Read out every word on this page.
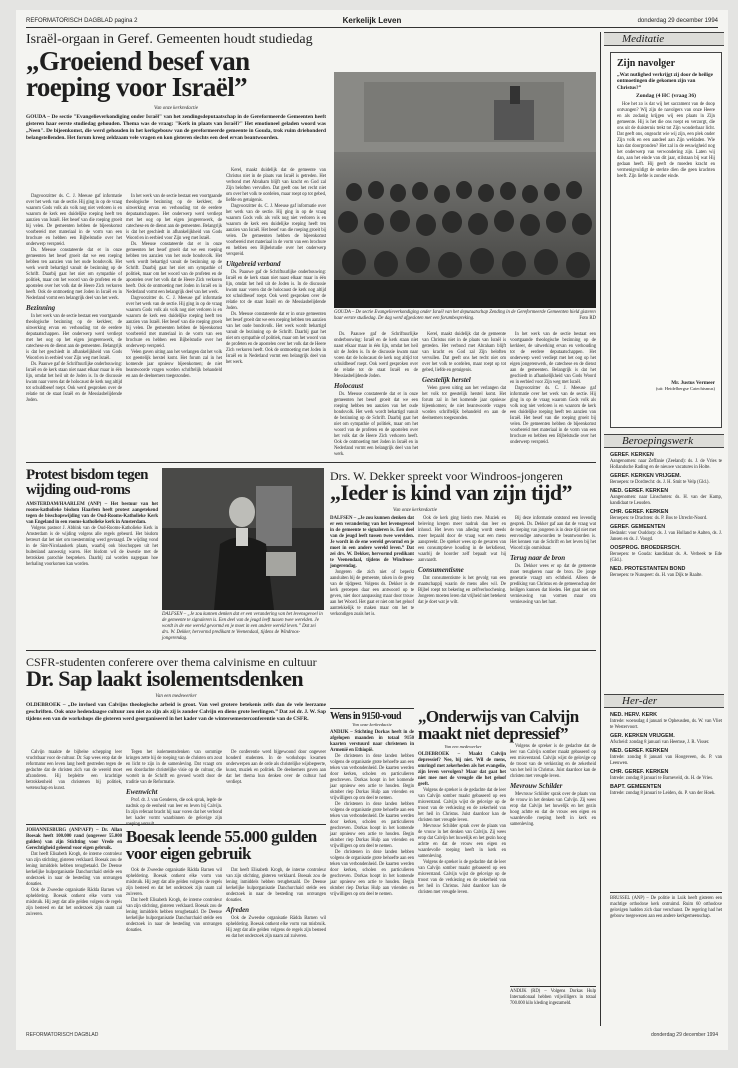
REFORMATORISCH DAGBLAD pagina 2	Kerkelijk Leven	donderdag 29 december 1994
Israël-orgaan in Geref. Gemeenten houdt studiedag
„Groeiend besef van roeping voor Israël”
Van onze kerkredactie
GOUDA – De sectie "Evangelieverkondiging onder Israël" van het zendingsdeputaatschap in de Gereformeerde Gemeenten heeft gisteren haar eerste studiedag gehouden. Thema was de vraag: "Kerk in plaats van Israël?" Het emotioneel geladen woord was „Neen". De bijeenkomst, die werd gehouden in het kerkgebouw van de gereformeerde gemeente in Gouda, trok ruim driehonderd belangstellenden. Het forum kreeg zeldzaam vele vragen en kon gisteren slechts een deel ervan beantwoorden.

Dagvoorzitter ds. C. J. Meeuse gaf informatie over het werk van de sectie. Hij ging in op de vraag waarom Gods volk als volk nog niet verloren is en waarom de kerk een duidelijke roeping heeft ten aanzien van Israël. Het besef van die roeping groeit bij velen. De gemeenten hebben de bijeenkomst voorbereid met materiaal in de vorm van een brochure en hebben een Bijbelstudie over het onderwerp verspreid.

Ds. Meeuse constateerde dat er in onze gemeenten het besef groeit dat we een roeping hebben ten aanzien van het oude bondsvolk. Het werk wordt behartigd vanuit de bezinning op de Schrift. Daarbij gaat het niet om sympathie of politiek, maar om het woord van de profeten en de apostelen over het volk dat de Heere Zich verkoren heeft. Ook de ontmoeting met Joden in Israël en in Nederland vormt een belangrijk deel van het werk.

Bezinning

In het werk van de sectie bestaat een voortgaande theologische bezinning op de kerkleer, de uitwerking ervan en verhouding tot de eerdere deputaatschappen. Het onderwerp werd verdiept met het oog op het eigen jongerenwerk, de catechese en de dienst aan de gemeenten. Belangrijk is dat het geschiedt in afhankelijkheid van Gods Woord en in eerbied voor Zijn weg met Israël.

Ds. Paauwe gaf de Schriftuurlijke onderbouwing: Israël en de kerk staan niet naast elkaar maar in één lijn, omdat het heil uit de Joden is. In de discussie kwam naar voren dat de holocaust de kerk nog altijd tot schuldbesef roept. Ook werd gesproken over de relatie tot de staat Israël en de Messiasbelijdende Joden.

In het werk van de sectie bestaat een voortgaande theologische bezinning op de kerkleer, de uitwerking ervan en verhouding tot de eerdere deputaatschappen. Het onderwerp werd verdiept met het oog op het eigen jongerenwerk, de catechese en de dienst aan de gemeenten. Belangrijk is dat het geschiedt in afhankelijkheid van Gods Woord en in eerbied voor Zijn weg met Israël.

Ds. Meeuse constateerde dat er in onze gemeenten het besef groeit dat we een roeping hebben ten aanzien van het oude bondsvolk. Het werk wordt behartigd vanuit de bezinning op de Schrift. Daarbij gaat het niet om sympathie of politiek, maar om het woord van de profeten en de apostelen over het volk dat de Heere Zich verkoren heeft. Ook de ontmoeting met Joden in Israël en in Nederland vormt een belangrijk deel van het werk.

Dagvoorzitter ds. C. J. Meeuse gaf informatie over het werk van de sectie. Hij ging in op de vraag waarom Gods volk als volk nog niet verloren is en waarom de kerk een duidelijke roeping heeft ten aanzien van Israël. Het besef van die roeping groeit bij velen. De gemeenten hebben de bijeenkomst voorbereid met materiaal in de vorm van een brochure en hebben een Bijbelstudie over het onderwerp verspreid.

Velen gaven uiting aan het verlangen dat het volk tot geestelijk herstel komt. Het forum zal in het komende jaar opnieuw bijeenkomen; de niet beantwoorde vragen worden schriftelijk behandeld en aan de deelnemers toegezonden.

Kerel, maakt duidelijk dat de gemeente van Christus niet in de plaats van Israël is getreden. Het verbond met Abraham blijft van kracht en God zal Zijn beloften vervullen. Dat geeft ons het recht niet om over het volk te oordelen, maar roept op tot gebed, liefde en getuigenis.

Dagvoorzitter ds. C. J. Meeuse gaf informatie over het werk van de sectie. Hij ging in op de vraag waarom Gods volk als volk nog niet verloren is en waarom de kerk een duidelijke roeping heeft ten aanzien van Israël. Het besef van die roeping groeit bij velen. De gemeenten hebben de bijeenkomst voorbereid met materiaal in de vorm van een brochure en hebben een Bijbelstudie over het onderwerp verspreid.

Uitgebreid verband

Ds. Paauwe gaf de Schriftuurlijke onderbouwing: Israël en de kerk staan niet naast elkaar maar in één lijn, omdat het heil uit de Joden is. In de discussie kwam naar voren dat de holocaust de kerk nog altijd tot schuldbesef roept. Ook werd gesproken over de relatie tot de staat Israël en de Messiasbelijdende Joden.

Ds. Meeuse constateerde dat er in onze gemeenten het besef groeit dat we een roeping hebben ten aanzien van het oude bondsvolk. Het werk wordt behartigd vanuit de bezinning op de Schrift. Daarbij gaat het niet om sympathie of politiek, maar om het woord van de profeten en de apostelen over het volk dat de Heere Zich verkoren heeft. Ook de ontmoeting met Joden in Israël en in Nederland vormt een belangrijk deel van het werk.

GOUDA – De sectie Evangelieverkondiging onder Israël van het deputaatschap Zending in de Gereformeerde Gemeenten hield gisteren haar eerste studiedag. De dag werd afgesloten met een forumbespreking.	Foto RD

Ds. Paauwe gaf de Schriftuurlijke onderbouwing: Israël en de kerk staan niet naast elkaar maar in één lijn, omdat het heil uit de Joden is. In de discussie kwam naar voren dat de holocaust de kerk nog altijd tot schuldbesef roept. Ook werd gesproken over de relatie tot de staat Israël en de Messiasbelijdende Joden.

Holocaust

Ds. Meeuse constateerde dat er in onze gemeenten het besef groeit dat we een roeping hebben ten aanzien van het oude bondsvolk. Het werk wordt behartigd vanuit de bezinning op de Schrift. Daarbij gaat het niet om sympathie of politiek, maar om het woord van de profeten en de apostelen over het volk dat de Heere Zich verkoren heeft. Ook de ontmoeting met Joden in Israël en in Nederland vormt een belangrijk deel van het werk.

Kerel, maakt duidelijk dat de gemeente van Christus niet in de plaats van Israël is getreden. Het verbond met Abraham blijft van kracht en God zal Zijn beloften vervullen. Dat geeft ons het recht niet om over het volk te oordelen, maar roept op tot gebed, liefde en getuigenis.

Geestelijk herstel

Velen gaven uiting aan het verlangen dat het volk tot geestelijk herstel komt. Het forum zal in het komende jaar opnieuw bijeenkomen; de niet beantwoorde vragen worden schriftelijk behandeld en aan de deelnemers toegezonden.

In het werk van de sectie bestaat een voortgaande theologische bezinning op de kerkleer, de uitwerking ervan en verhouding tot de eerdere deputaatschappen. Het onderwerp werd verdiept met het oog op het eigen jongerenwerk, de catechese en de dienst aan de gemeenten. Belangrijk is dat het geschiedt in afhankelijkheid van Gods Woord en in eerbied voor Zijn weg met Israël.

Dagvoorzitter ds. C. J. Meeuse gaf informatie over het werk van de sectie. Hij ging in op de vraag waarom Gods volk als volk nog niet verloren is en waarom de kerk een duidelijke roeping heeft ten aanzien van Israël. Het besef van die roeping groeit bij velen. De gemeenten hebben de bijeenkomst voorbereid met materiaal in de vorm van een brochure en hebben een Bijbelstudie over het onderwerp verspreid.

Protest bisdom tegen wijding oud-roms

AMSTERDAM/HAARLEM (ANP) – Het bestuur van het rooms-katholieke bisdom Haarlem heeft protest aangetekend tegen de bisschopswijding van de Oud-Rooms-Katholieke Kerk van Engeland in een rooms-katholieke kerk in Amsterdam.

Volgens pastoor J. Abbink van de Oud-Rooms-Katholieke Kerk in Amsterdam is de wijding volgens alle regels gebeurd. Het bisdom betreurt dat het niet om toestemming werd gevraagd. De wijding vond in de Sint-Nicolaaskerk plaats, waarbij ook bisschoppen uit het buitenland aanwezig waren. Het bisdom wil de kwestie met de betrokken parochie bespreken. Daarbij zal worden nagegaan hoe herhaling voorkomen kan worden.

DALFSEN – „Je zou kunnen denken dat er een verandering van het levensgevoel in de gemeente te signaleren is. Een deel van de jeugd leeft tussen twee werelden. Je wordt in de ene wereld gevormd en je moet in een andere wereld leven.” Dat zei drs. W. Dekker, hervormd predikant te Veenendaal, tijdens de Windroos-jongerendag.
Drs. W. Dekker spreekt voor Windroos-jongeren
„Ieder is kind van zijn tijd”
Van onze kerkredactie

DALFSEN – „Je zou kunnen denken dat er een verandering van het levensgevoel in de gemeente te signaleren is. Een deel van de jeugd leeft tussen twee werelden. Je wordt in de ene wereld gevormd en je moet in een andere wereld leven.” Dat zei drs. W. Dekker, hervormd predikant te Veenendaal, tijdens de Windroos-jongerendag.

Jongeren die zich niet of beperkt aansluiten bij de gemeente, raken in de greep van de tijdgeest. Volgens ds. Dekker is de kerk geroepen daar een antwoord op te geven, niet door aanpassing maar door trouw aan het Woord. Het gaat er niet om het geloof aantrekkelijk te maken maar om het te verkondigen zoals het is.

Ook de kerk ging hierin mee. Muziek en beleving kregen meer nadruk dan leer en inhoud. Het leven van alledag wordt steeds meer bepaald door de vraag wat een mens aanspreekt. De spreker wees op de gevaren van een consumptieve houding in de kerkdienst, waarbij de hoorder zelf bepaalt wat hij aanvaardt.

Consumentisme

Dat consumentisme is het gevolg van een maatschappij waarin de mens alles wil. De Bijbel roept tot bekering en zelfverloochening. Jongeren moeten leren dat vrijheid niet betekent dat je doet wat je wilt.

Bij deze informatie ontstond een levendig gesprek. Ds. Dekker gaf aan dat de vraag wat de roeping van jongeren is in deze tijd niet met eenvoudige antwoorden te beantwoorden is. Het kennen van de Schrift en het leven bij het Woord zijn onmisbaar.

Terug naar de bron

Ds. Dekker wees er op dat de gemeente moet terugkeren naar de bron. De jonge generatie vraagt om echtheid. Alleen de prediking van Christus en de gemeenschap der heiligen kunnen dat bieden. Het gaat niet om vernieuwing van vormen maar om vernieuwing van het hart.

CSFR-studenten conferere over thema calvinisme en cultuur
Dr. Sap laakt isolementsdenken
Van een medewerker
OLDEBROEK – „De invloed van Calvijns theologische arbeid is groot. Van veel grotere betekenis zelfs dan de vele leerzame geschriften. Ook onze hedendaagse cultuur zou niet zo zijn als zij is zonder Calvijn en diens grote leerlingen.” Dat zei dr. J. W. Sap tijdens een van de workshops die gisteren werd georganiseerd in het kader van de wintersemesterconferentie van de CSFR.

Calvijn maakte de bijbelse schepping leer vruchtbaar voor de cultuur. Dr. Sap wees erop dat de reformator een leven lang heeft gestreden tegen de gedachte dat de christen zich van de wereld moet afzonderen. Hij bepleitte een krachtige betrokkenheid van christenen bij politiek, wetenschap en kunst.

Tegen het isolementsdenken van sommige kringen zette hij de roeping van de christen om zout en licht te zijn in de samenleving. Dat vraagt om een doordachte christelijke visie op de cultuur, die wortelt in de Schrift en gevoed wordt door de traditie van de Reformatie.

Ewenwicht

Prof. dr. J. van Genderen, die ook sprak, legde de nadruk op de eenheid van leer en leven bij Calvijn. In zijn referaat bracht hij naar voren dat het verbond het kader vormt waarbinnen de gelovige zijn

De conferentie werd bijgewoond door ongeveer honderd studenten. In de workshops kwamen onderwerpen aan de orde als christelijke wijsbegeerte, kunst, muziek en politiek. De deelnemers gaven aan dat het thema hun denken over de cultuur had verdiept.

JOHANNESBURG (ANP/AFP) – Dr. Allan Boesak heeft 100.000 rand (ongeveer 55.000 gulden) van zijn Stichting voor Vrede en Gerechtigheid geleend voor eigen gebruik.

Dat heeft Elisabeth Krogh, de interne controleur van zijn stichting, gisteren verklaard. Boesak zou de lening inmiddels hebben terugbetaald. De Deense kerkelijke hulporganisatie Danchurchaid stelde een onderzoek in naar de besteding van ontvangen donaties.

Ook de Zweedse organisatie Rädda Barnen wil opheldering. Boesak ontkent elke vorm van misbruik. Hij zegt dat alle gelden volgens de regels zijn besteed en dat het onderzoek zijn naam zal zuiveren.

Boesak leende 55.000 gulden voor eigen gebruik

Ook de Zweedse organisatie Rädda Barnen wil opheldering. Boesak ontkent elke vorm van misbruik. Hij zegt dat alle gelden volgens de regels zijn besteed en dat het onderzoek zijn naam zal zuiveren.

Dat heeft Elisabeth Krogh, de interne controleur van zijn stichting, gisteren verklaard. Boesak zou de lening inmiddels hebben terugbetaald. De Deense kerkelijke hulporganisatie Danchurchaid stelde een onderzoek in naar de besteding van ontvangen donaties.

Dat heeft Elisabeth Krogh, de interne controleur van zijn stichting, gisteren verklaard. Boesak zou de lening inmiddels hebben terugbetaald. De Deense kerkelijke hulporganisatie Danchurchaid stelde een onderzoek in naar de besteding van ontvangen donaties.

Afreden

Ook de Zweedse organisatie Rädda Barnen wil opheldering. Boesak ontkent elke vorm van misbruik. Hij zegt dat alle gelden volgens de regels zijn besteed en dat het onderzoek zijn naam zal zuiveren.

Wens in 9150-voud
Van onze kerkredactie

ANDIJK – Stichting Dorkas heeft in de afgelopen maanden in totaal 9150 kaarten verstuurd naar christenen in Armenië en Ethiopië.

De christenen in deze landen hebben volgens de organisatie grote behoefte aan een teken van verbondenheid. De kaarten werden door kerken, scholen en particulieren geschreven. Dorkas hoopt in het komende jaar opnieuw een actie te houden. Begin oktober riep Dorkas Hulp aan vrienden en vrijwilligers op om deel te nemen.

De christenen in deze landen hebben volgens de organisatie grote behoefte aan een teken van verbondenheid. De kaarten werden door kerken, scholen en particulieren geschreven. Dorkas hoopt in het komende jaar opnieuw een actie te houden. Begin oktober riep Dorkas Hulp aan vrienden en vrijwilligers op om deel te nemen.

De christenen in deze landen hebben volgens de organisatie grote behoefte aan een teken van verbondenheid. De kaarten werden door kerken, scholen en particulieren geschreven. Dorkas hoopt in het komende jaar opnieuw een actie te houden. Begin oktober riep Dorkas Hulp aan vrienden en vrijwilligers op om deel te nemen.

„Onderwijs van Calvijn maakt niet depressief”
Van een medewerker

OLDEBROEK – Maakt Calvijn depressief? Nee, bij niet. Wil de mens, omringd met zekerheden als het evangelie, zijn leven vervolgen? Maar dat gaat het niet mee met de vreugde die het geloof geeft.

Volgens de spreker is de gedachte dat de leer van Calvijn somber maakt gebaseerd op een misverstand. Calvijn wijst de gelovige op de troost van de verkiezing en de zekerheid van het heil in Christus. Juist daardoor kan de christen met vreugde leven.

Mevrouw Schilder sprak over de plaats van de vrouw in het denken van Calvijn. Zij wees erop dat Calvijn het huwelijk en het gezin hoog achtte en dat de vrouw een eigen en waardevolle roeping heeft in kerk en samenleving.

Volgens de spreker is de gedachte dat de leer van Calvijn somber maakt gebaseerd op een misverstand. Calvijn wijst de gelovige op de troost van de verkiezing en de zekerheid van het heil in Christus. Juist daardoor kan de christen met vreugde leven.

Volgens de spreker is de gedachte dat de leer van Calvijn somber maakt gebaseerd op een misverstand. Calvijn wijst de gelovige op de troost van de verkiezing en de zekerheid van het heil in Christus. Juist daardoor kan de christen met vreugde leven.

Mevrouw Schilder

Mevrouw Schilder sprak over de plaats van de vrouw in het denken van Calvijn. Zij wees erop dat Calvijn het huwelijk en het gezin hoog achtte en dat de vrouw een eigen en waardevolle roeping heeft in kerk en samenleving.

ANDIJK (RD) – Volgens Dorkas Hulp Internationaal hebben vrijwilligers in totaal 700.000 kilo kleding ingezameld.

Meditatie
Zijn navolger
„Wat nutlighed verkrijgt zij door de heilige ontmoetingen die gekomen zijn van Christus?”
Zondag (4 HC (vraag 36)
Hoe het zo is dat wij het sacrament van de doop ontvangen? Wij zijn de navolgers van onze Heere en als zodanig krijgen wij een plaats in Zijn gemeente. Hij is het die ons roept en verzorgt, die ons uit de duisternis trekt tot Zijn wonderbaar licht. Dat geeft ons, ongeacht wie wij zijn, een plek onder Zijn volk en een aandeel aan Zijn weldaden. Wie kan dat doorgronden? Het zal in de eeuwigheid nog het onderwerp van verwondering zijn. Laten wij dan, aan het einde van dit jaar, stilstaan bij wat Hij gedaan heeft. Hij geeft de moeden kracht en vermenigvuldigt de sterkte dien die geen krachten heeft. Zijn liefde is zonder einde.
Mr. Justus Vermeer
(uit: Heidelbergse Catechismus)
Beroepingswerk
GEREF. KERKEN
Aangenomen: naar Zeffanie (Zeeland): ds. J. de Vries te Hollandsche Rading en de nieuwe vacatures in Holte.
GEREF. KERKEN VRIJGEM.
Beroepen: te Dordrecht: ds. J. H. Smit te Velp (Gld.).
NED. GEREF. KERKEN
Aangenomen: naar Linschoten: ds. H. van der Kamp, kandidaat te Leusden.
CHR. GEREF. KERKEN
Beroepen: te Drachten: ds. P. Bos te Utrecht-Noord.
GEREF. GEMEENTEN
Bedankt: voor Ouddorp: ds. J. van Holland te Aalten, ds. J. Jansen en ds. J. Voogd.
OOSPROG. BROEDERSCH.
Beroepen: te Gouda: kandidaat ds. A. Verbeek te Ede (Gld.).
NED. PROTESTANTEN BOND
Beroepen: te Nunspeet: ds. H. van Dijk te Raalte.
Her-der
NED. HERV. KERK
Intrede: woensdag 4 januari te Opheusden, ds. W. van Vliet te Westervoort.
GER. KERKEN VRIJGEM.
Afscheid: zondag 8 januari van Heemse, J. R. Visser.
NED. GEREF. KERKEN
Intrede: zondag 8 januari van Hoogeveen, ds. P. van Leeuwen.
CHR. GEREF. KERKEN
Intrede: zondag 8 januari te Barneveld, ds. H. de Vries.
BAPT. GEMEENTEN
Intrede: zondag 8 januari te Leiden, ds. P. van der Hoek.

BRUSSEL (ANP) – De politie in Luik heeft gisteren een machtige orthodoxe kerk ontruimd. Ruim 60 orthodoxe gelovigen hadden zich daar verschanst. De regering had het gebouw toegewezen aan een andere kerkgemeenschap.

REFORMATORISCH DAGBLAD	donderdag 29 december 1994
